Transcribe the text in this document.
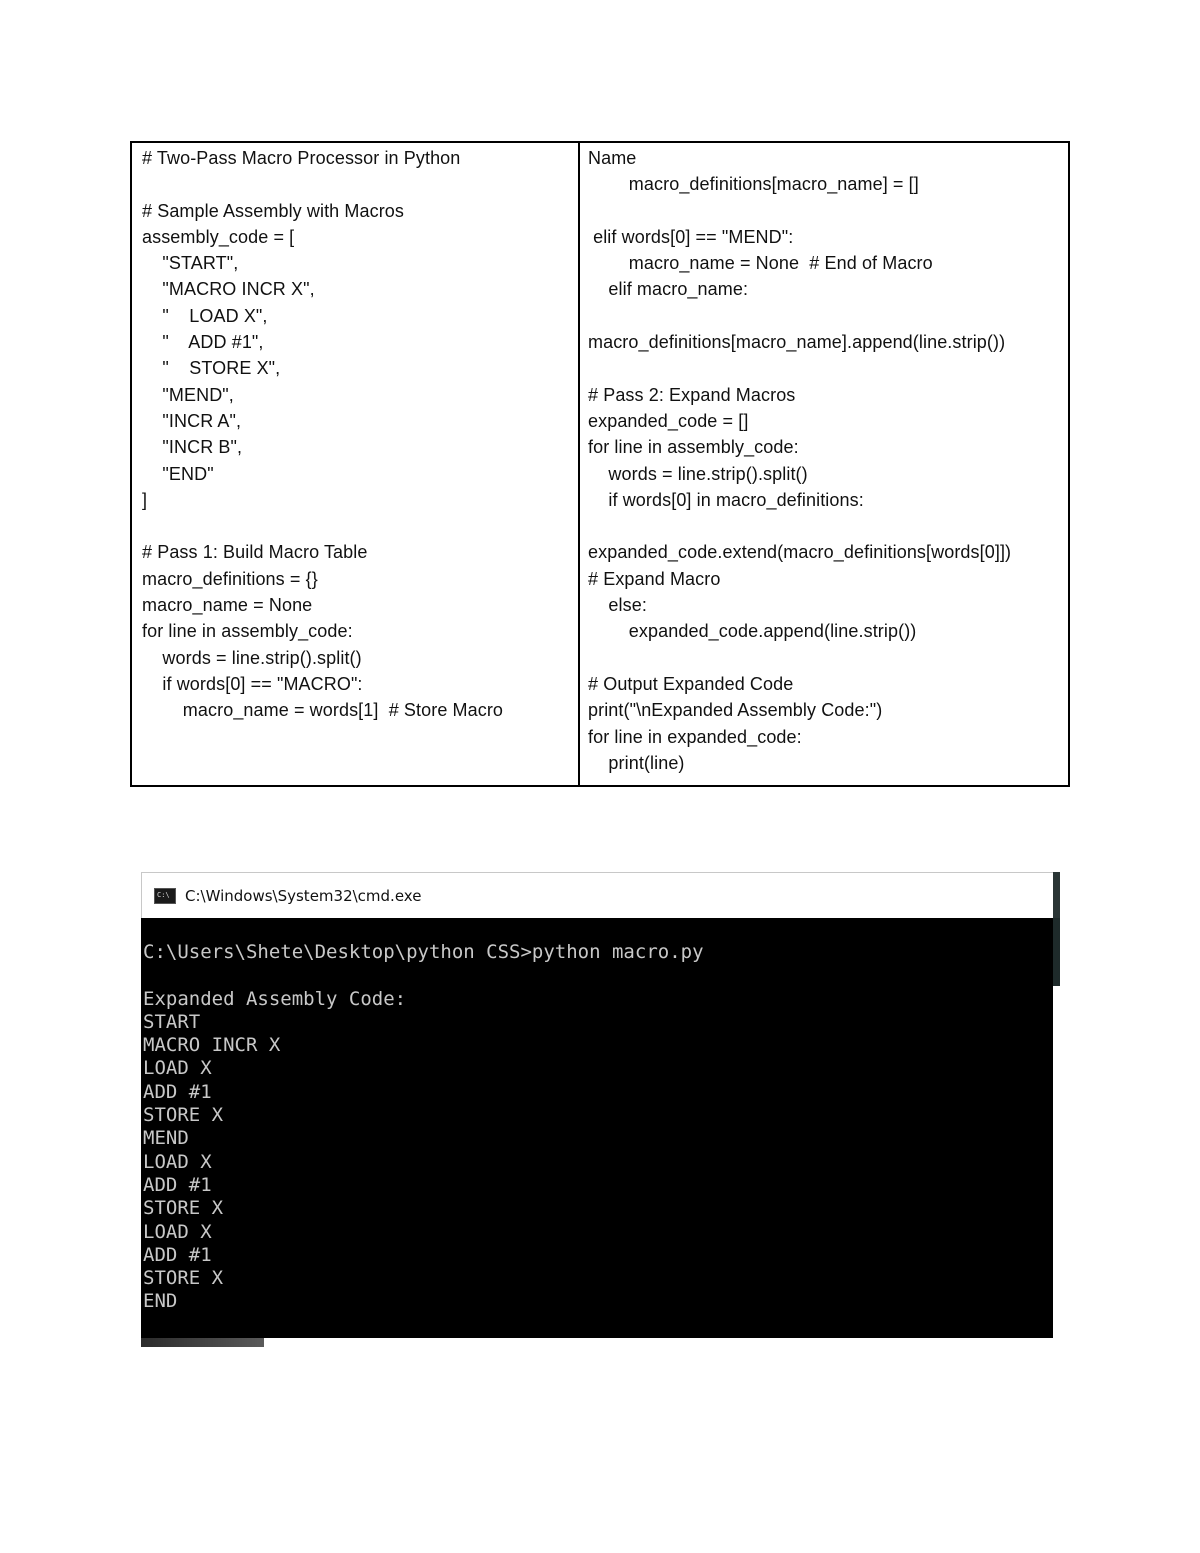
# Two-Pass Macro Processor in Python
# Sample Assembly with Macros
assembly_code = [
"START",
"MACRO INCR X",
"    LOAD X",
"    ADD #1",
"    STORE X",
"MEND",
"INCR A",
"INCR B",
"END"
]
# Pass 1: Build Macro Table
macro_definitions = {}
macro_name = None
for line in assembly_code:
words = line.strip().split()
if words[0] == "MACRO":
macro_name = words[1]  # Store Macro
Name
macro_definitions[macro_name] = []
elif words[0] == "MEND":
macro_name = None  # End of Macro
elif macro_name:
macro_definitions[macro_name].append(line.strip())
# Pass 2: Expand Macros
expanded_code = []
for line in assembly_code:
words = line.strip().split()
if words[0] in macro_definitions:
expanded_code.extend(macro_definitions[words[0]])
# Expand Macro
else:
expanded_code.append(line.strip())
# Output Expanded Code
print("\nExpanded Assembly Code:")
for line in expanded_code:
print(line)
C:\ C:\Windows\System32\cmd.exe
C:\Users\Shete\Desktop\python CSS>python macro.py
Expanded Assembly Code:
START
MACRO INCR X
LOAD X
ADD #1
STORE X
MEND
LOAD X
ADD #1
STORE X
LOAD X
ADD #1
STORE X
END
